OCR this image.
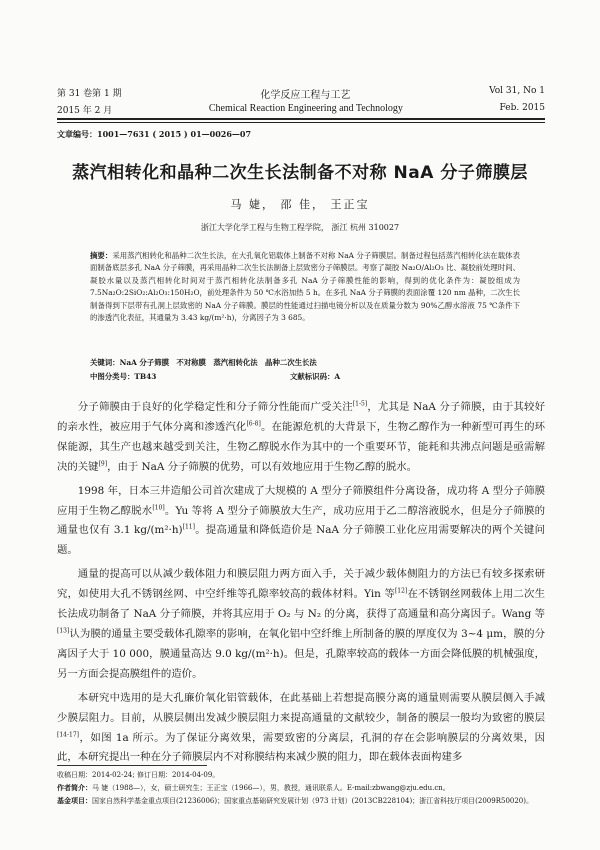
第 31 卷第 1 期	化学反应工程与工艺	Vol 31, No 1
2015 年 2 月	Chemical Reaction Engineering and Technology	Feb. 2015
文章编号：1001—7631 ( 2015 ) 01—0026—07
蒸汽相转化和晶种二次生长法制备不对称 NaA 分子筛膜层
马 婕， 邵 佳， 王正宝
浙江大学化学工程与生物工程学院， 浙江 杭州 310027
摘要：采用蒸汽相转化和晶种二次生长法，在大孔氧化铝载体上制备不对称 NaA 分子筛膜层。制备过程包括蒸汽相转化法在载体表面制备底层多孔 NaA 分子筛膜，再采用晶种二次生长法制备上层致密分子筛膜层。考察了凝胶 Na₂O/Al₂O₃ 比、凝胶前处理时间、凝胶水量以及蒸汽相转化时间对于蒸汽相转化法制备多孔 NaA 分子筛膜性能的影响，得到的优化条件为：凝胶组成为 7.5Na₂O:2SiO₂:Al₂O₃:150H₂O，前处理条件为 50 ℃水浴加热 5 h。在多孔 NaA 分子筛膜的表面涂覆 120 nm 晶种，二次生长制备得到下层带有孔洞上层致密的 NaA 分子筛膜。膜层的性能通过扫描电镜分析以及在质量分数为 90%乙醇水溶液 75 ℃条件下的渗透汽化表征，其通量为 3.43 kg/(m²·h)，分离因子为 3 685。
关键词：NaA 分子筛膜　不对称膜　蒸汽相转化法　晶种二次生长法
中图分类号：TB43	文献标识码：A

分子筛膜由于良好的化学稳定性和分子筛分性能而广受关注[1-5]，尤其是 NaA 分子筛膜，由于其较好的亲水性，被应用于气体分离和渗透汽化[6-8]。在能源危机的大背景下，生物乙醇作为一种新型可再生的环保能源，其生产也越来越受到关注，生物乙醇脱水作为其中的一个重要环节，能耗和共沸点问题是亟需解决的关键[9]，由于 NaA 分子筛膜的优势，可以有效地应用于生物乙醇的脱水。

1998 年，日本三井造船公司首次建成了大规模的 A 型分子筛膜组件分离设备，成功将 A 型分子筛膜应用于生物乙醇脱水[10]。Yu 等将 A 型分子筛膜放大生产，成功应用于乙二醇溶液脱水，但是分子筛膜的通量也仅有 3.1 kg/(m²·h)[11]。提高通量和降低造价是 NaA 分子筛膜工业化应用需要解决的两个关键问题。

通量的提高可以从减少载体阻力和膜层阻力两方面入手，关于减少载体侧阻力的方法已有较多探索研究，如使用大孔不锈钢丝网、中空纤维等孔隙率较高的载体材料。Yin 等[12]在不锈钢丝网载体上用二次生长法成功制备了 NaA 分子筛膜，并将其应用于 O₂ 与 N₂ 的分离，获得了高通量和高分离因子。Wang 等[13]认为膜的通量主要受载体孔隙率的影响，在氧化铝中空纤维上所制备的膜的厚度仅为 3~4 μm，膜的分离因子大于 10 000，膜通量高达 9.0 kg/(m²·h)。但是，孔隙率较高的载体一方面会降低膜的机械强度，另一方面会提高膜组件的造价。

本研究中选用的是大孔廉价氧化铝管载体，在此基础上若想提高膜分离的通量则需要从膜层侧入手减少膜层阻力。目前，从膜层侧出发减少膜层阻力来提高通量的文献较少，制备的膜层一般均为致密的膜层[14-17]，如图 1a 所示。为了保证分离效果，需要致密的分离层，孔洞的存在会影响膜层的分离效果，因此，本研究提出一种在分子筛膜层内不对称膜结构来减少膜的阻力，即在载体表面构建多

收稿日期：2014-02-24; 修订日期：2014-04-09。
作者简介：马 婕（1988—），女，硕士研究生；王正宝（1966—），男，教授，通讯联系人。E-mail:zbwang@zju.edu.cn。
基金项目：国家自然科学基金重点项目(21236006)；国家重点基础研究发展计划（973 计划）(2013CB228104)；浙江省科技厅项目(2009R50020)。
